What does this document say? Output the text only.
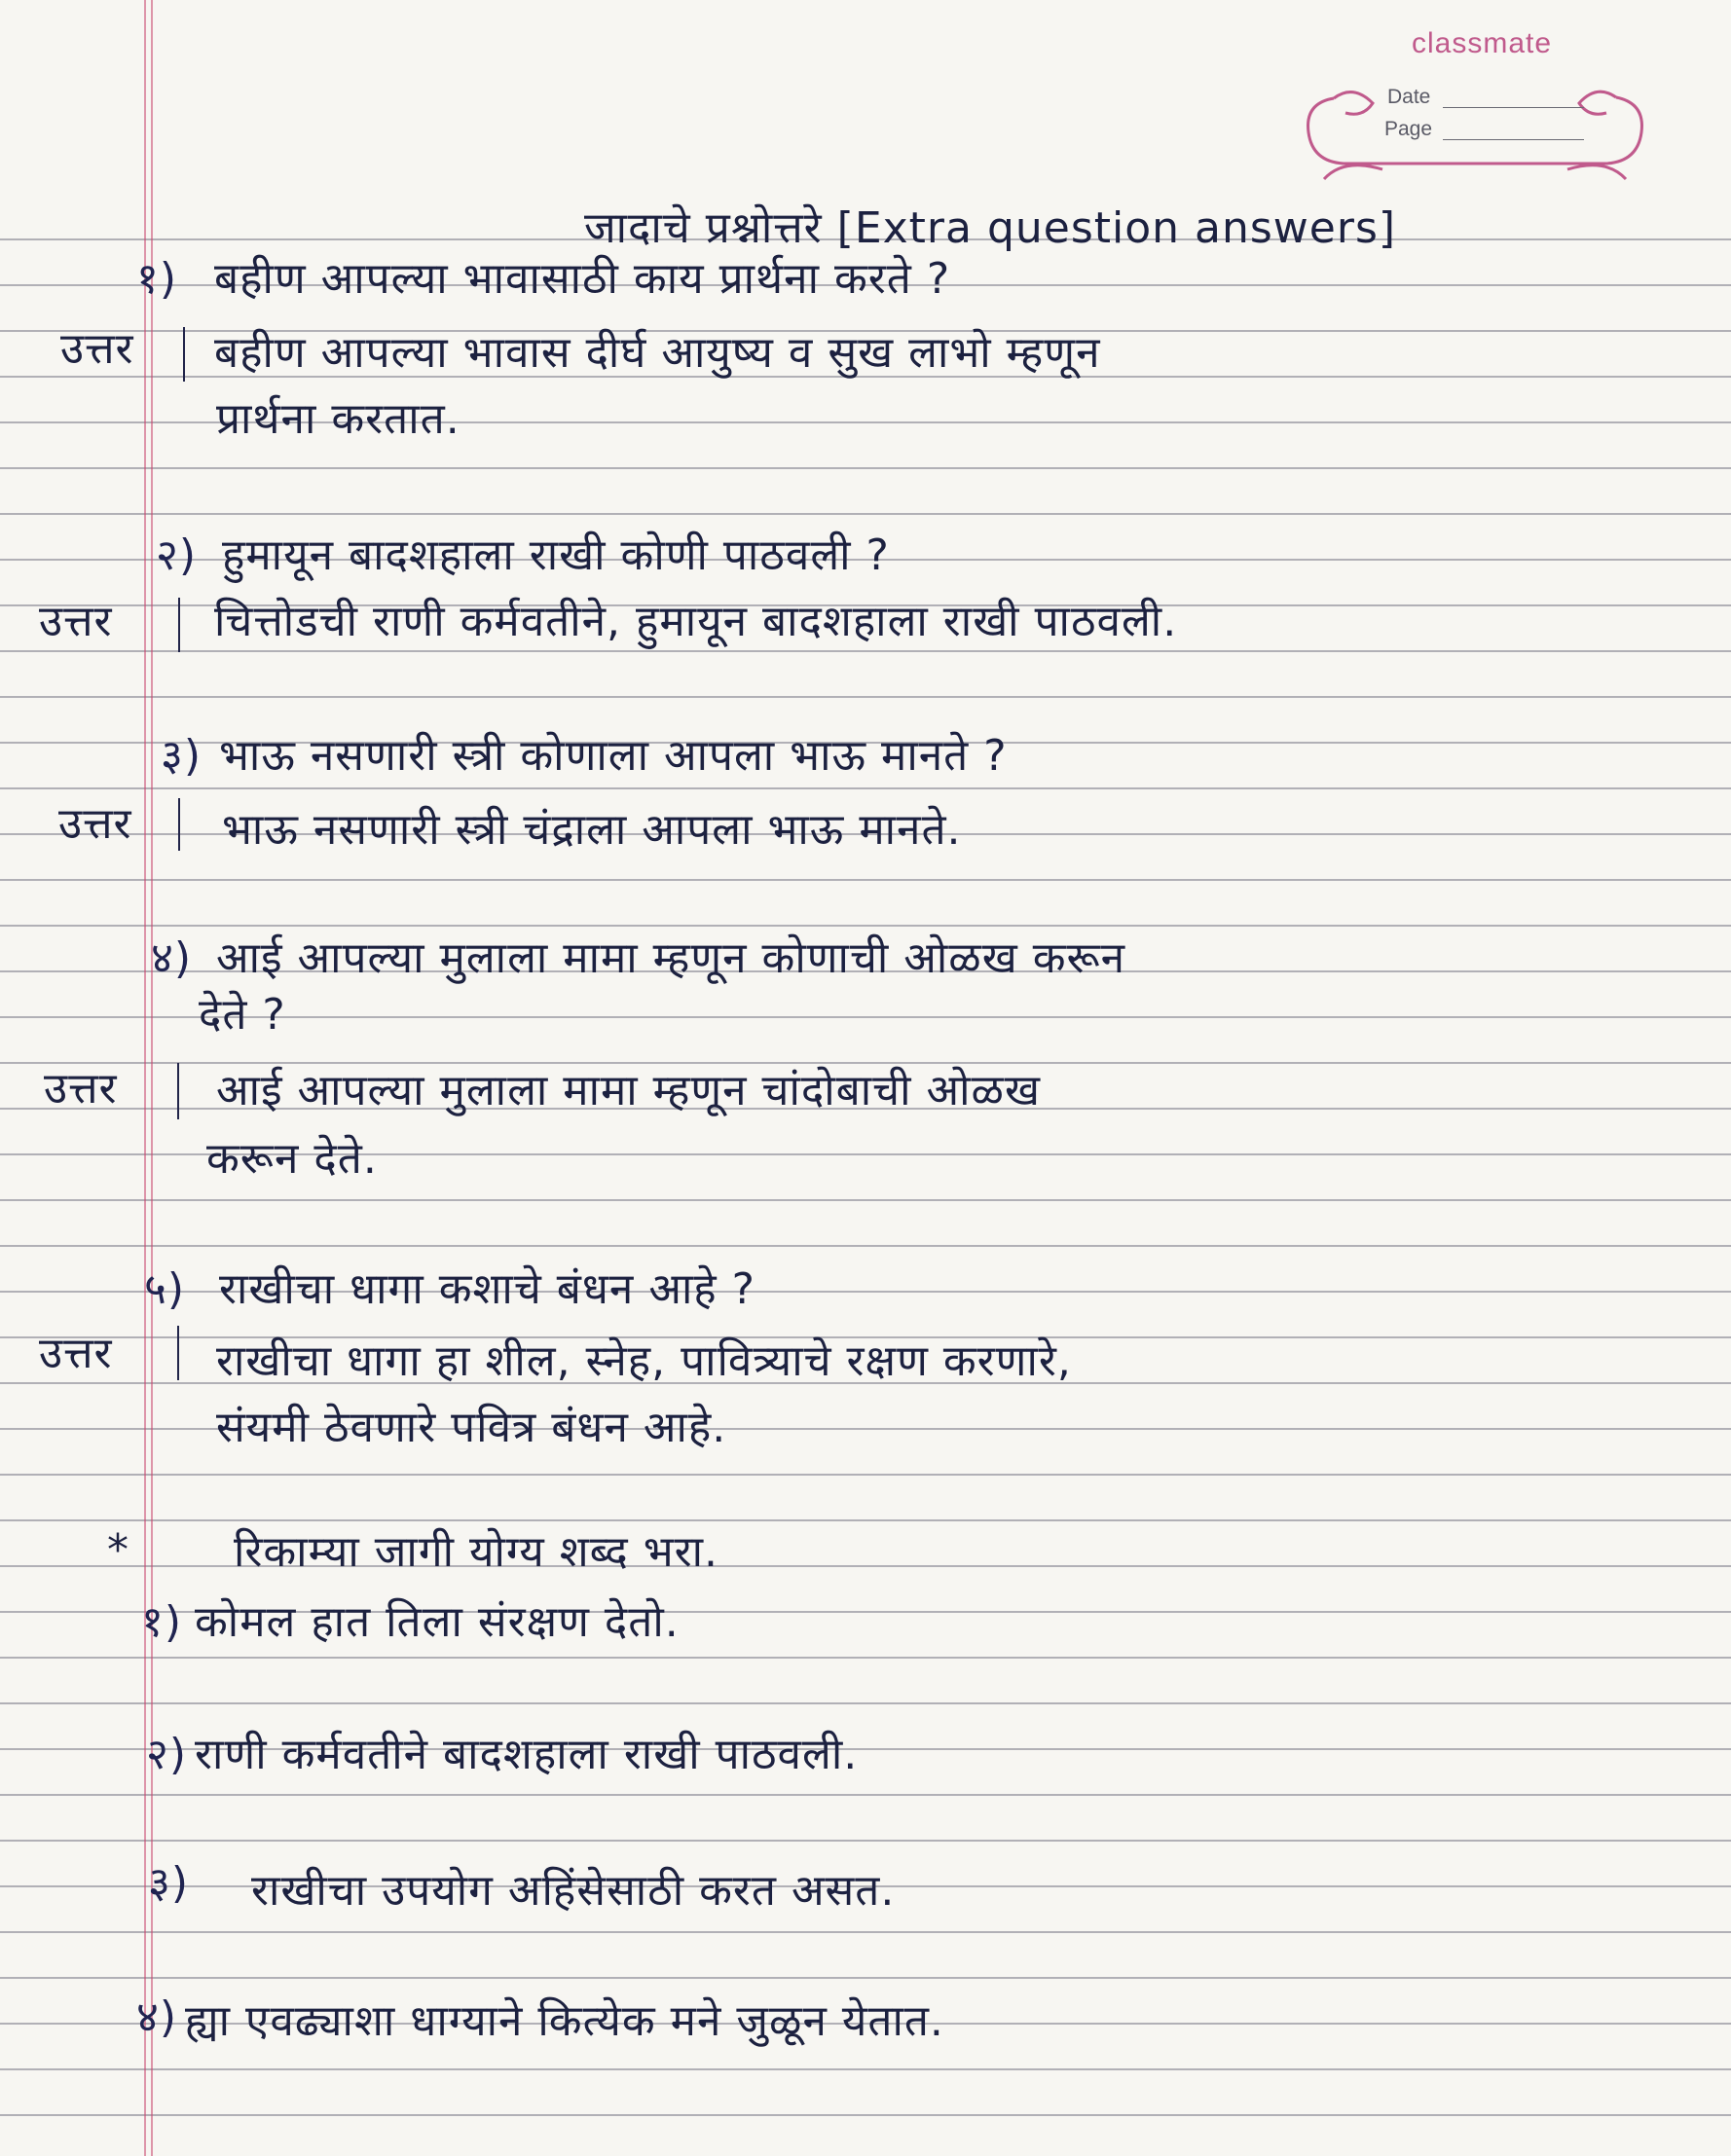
classmate
Date
Page
जादाचे प्रश्नोत्तरे [Extra question answers]
१) बहीण आपल्या भावासाठी काय प्रार्थना करते ?
उत्तर बहीण आपल्या भावास दीर्घ आयुष्य व सुख लाभो म्हणून
प्रार्थना करतात.
२) हुमायून बादशहाला राखी कोणी पाठवली ?
उत्तर चित्तोडची राणी कर्मवतीने, हुमायून बादशहाला राखी पाठवली.
३) भाऊ नसणारी स्त्री कोणाला आपला भाऊ मानते ?
उत्तर भाऊ नसणारी स्त्री चंद्राला आपला भाऊ मानते.
४) आई आपल्या मुलाला मामा म्हणून कोणाची ओळख करून
देते ?
उत्तर आई आपल्या मुलाला मामा म्हणून चांदोबाची ओळख
करून देते.
५) राखीचा धागा कशाचे बंधन आहे ?
उत्तर राखीचा धागा हा शील, स्नेह, पावित्र्याचे रक्षण करणारे,
संयमी ठेवणारे पवित्र बंधन आहे.
* रिकाम्या जागी योग्य शब्द भरा.
१) कोमल हात तिला संरक्षण देतो.
२) राणी कर्मवतीने बादशहाला राखी पाठवली.
३) राखीचा उपयोग अहिंसेसाठी करत असत.
४) ह्या एवढ्याशा धाग्याने कित्येक मने जुळून येतात.
